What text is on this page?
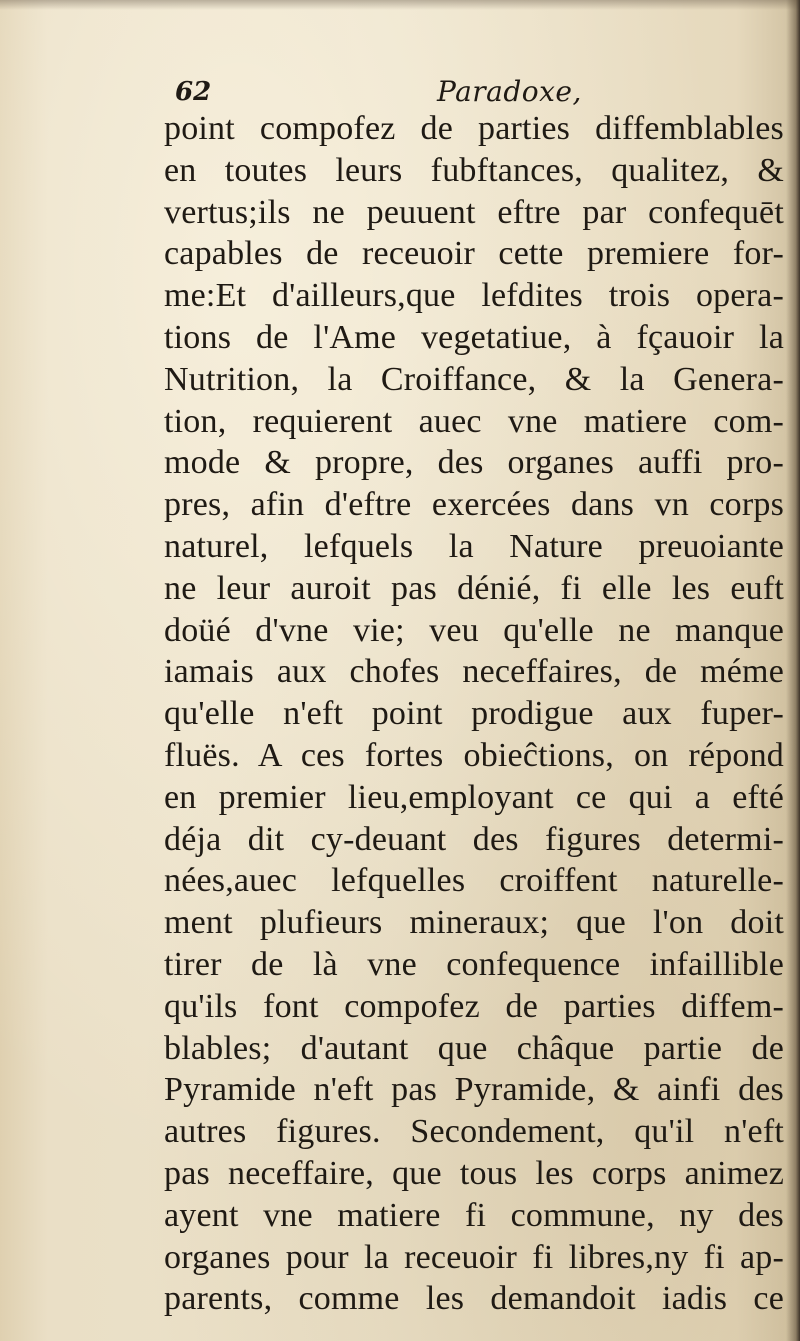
62	Paradoxe,
point compofez de parties diffemblables
en toutes leurs fubftances, qualitez, &
vertus;ils ne peuuent eftre par confequēt
capables de receuoir cette premiere for-
me:Et d'ailleurs,que lefdites trois opera-
tions de l'Ame vegetatiue, à fçauoir la
Nutrition, la Croiffance, & la Genera-
tion, requierent auec vne matiere com-
mode & propre, des organes auffi pro-
pres, afin d'eftre exercées dans vn corps
naturel, lefquels la Nature preuoiante
ne leur auroit pas dénié, fi elle les euft
doüé d'vne vie; veu qu'elle ne manque
iamais aux chofes neceffaires, de méme
qu'elle n'eft point prodigue aux fuper-
fluës. A ces fortes obieĉtions, on répond
en premier lieu,employant ce qui a efté
déja dit cy-deuant des figures determi-
nées,auec lefquelles croiffent naturelle-
ment plufieurs mineraux; que l'on doit
tirer de là vne confequence infaillible
qu'ils font compofez de parties diffem-
blables; d'autant que châque partie de
Pyramide n'eft pas Pyramide, & ainfi des
autres figures. Secondement, qu'il n'eft
pas neceffaire, que tous les corps animez
ayent vne matiere fi commune, ny des
organes pour la receuoir fi libres,ny fi ap-
parents, comme les demandoit iadis ce
